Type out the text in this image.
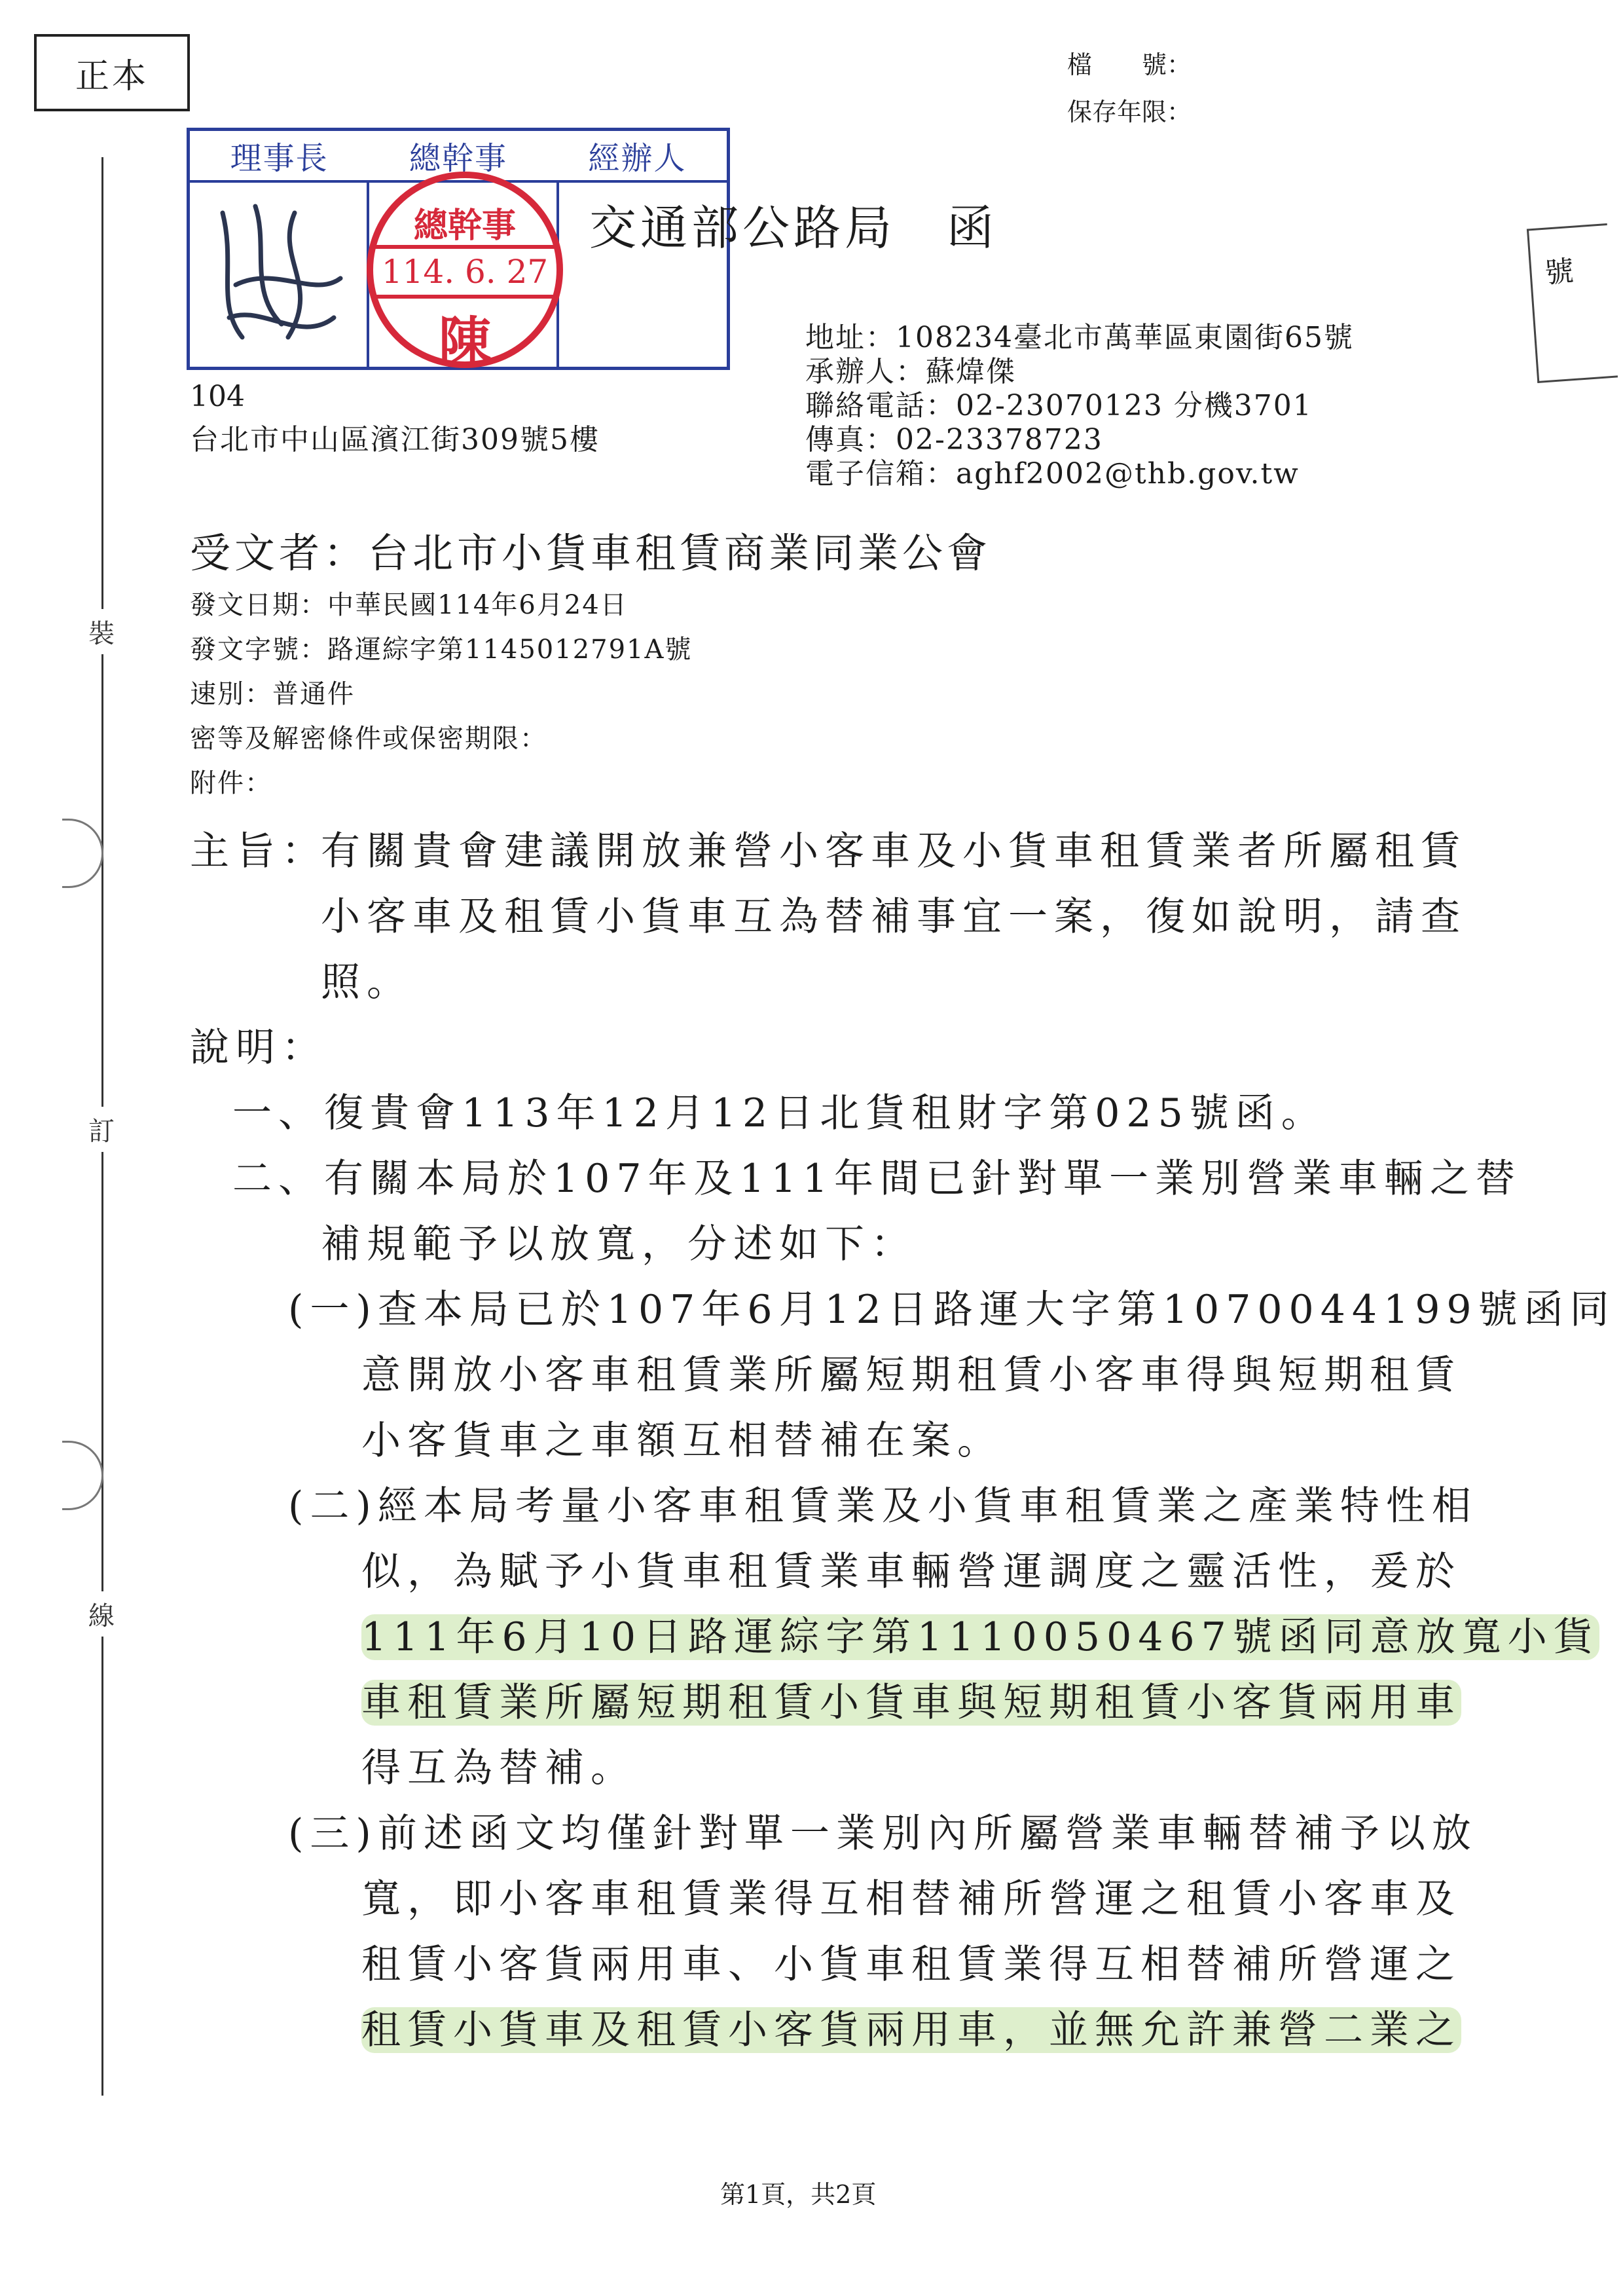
正本	檔　　號：
保存年限：
號
理事長	總幹事	經辦人
總幹事
114. 6. 27
陳
交通部公路局　函
104
台北市中山區濱江街309號5樓
地址：108234臺北市萬華區東園街65號
承辦人：蘇煒傑
聯絡電話：02-23070123 分機3701
傳真：02-23378723
電子信箱：aghf2002@thb.gov.tw
裝
訂
線
受文者：台北市小貨車租賃商業同業公會
發文日期：中華民國114年6月24日
發文字號：路運綜字第1145012791A號
速別：普通件
密等及解密條件或保密期限：
附件：
主旨：
有關貴會建議開放兼營小客車及小貨車租賃業者所屬租賃
小客車及租賃小貨車互為替補事宜一案，復如說明，請查
照。
說明：
一、復貴會113年12月12日北貨租財字第025號函。
二、有關本局於107年及111年間已針對單一業別營業車輛之替
補規範予以放寬，分述如下：
(一)查本局已於107年6月12日路運大字第1070044199號函同
意開放小客車租賃業所屬短期租賃小客車得與短期租賃
小客貨車之車額互相替補在案。
(二)經本局考量小客車租賃業及小貨車租賃業之產業特性相
似，為賦予小貨車租賃業車輛營運調度之靈活性，爰於
111年6月10日路運綜字第1110050467號函同意放寬小貨
車租賃業所屬短期租賃小貨車與短期租賃小客貨兩用車
得互為替補。
(三)前述函文均僅針對單一業別內所屬營業車輛替補予以放
寬，即小客車租賃業得互相替補所營運之租賃小客車及
租賃小客貨兩用車、小貨車租賃業得互相替補所營運之
租賃小貨車及租賃小客貨兩用車，並無允許兼營二業之
第1頁，共2頁
